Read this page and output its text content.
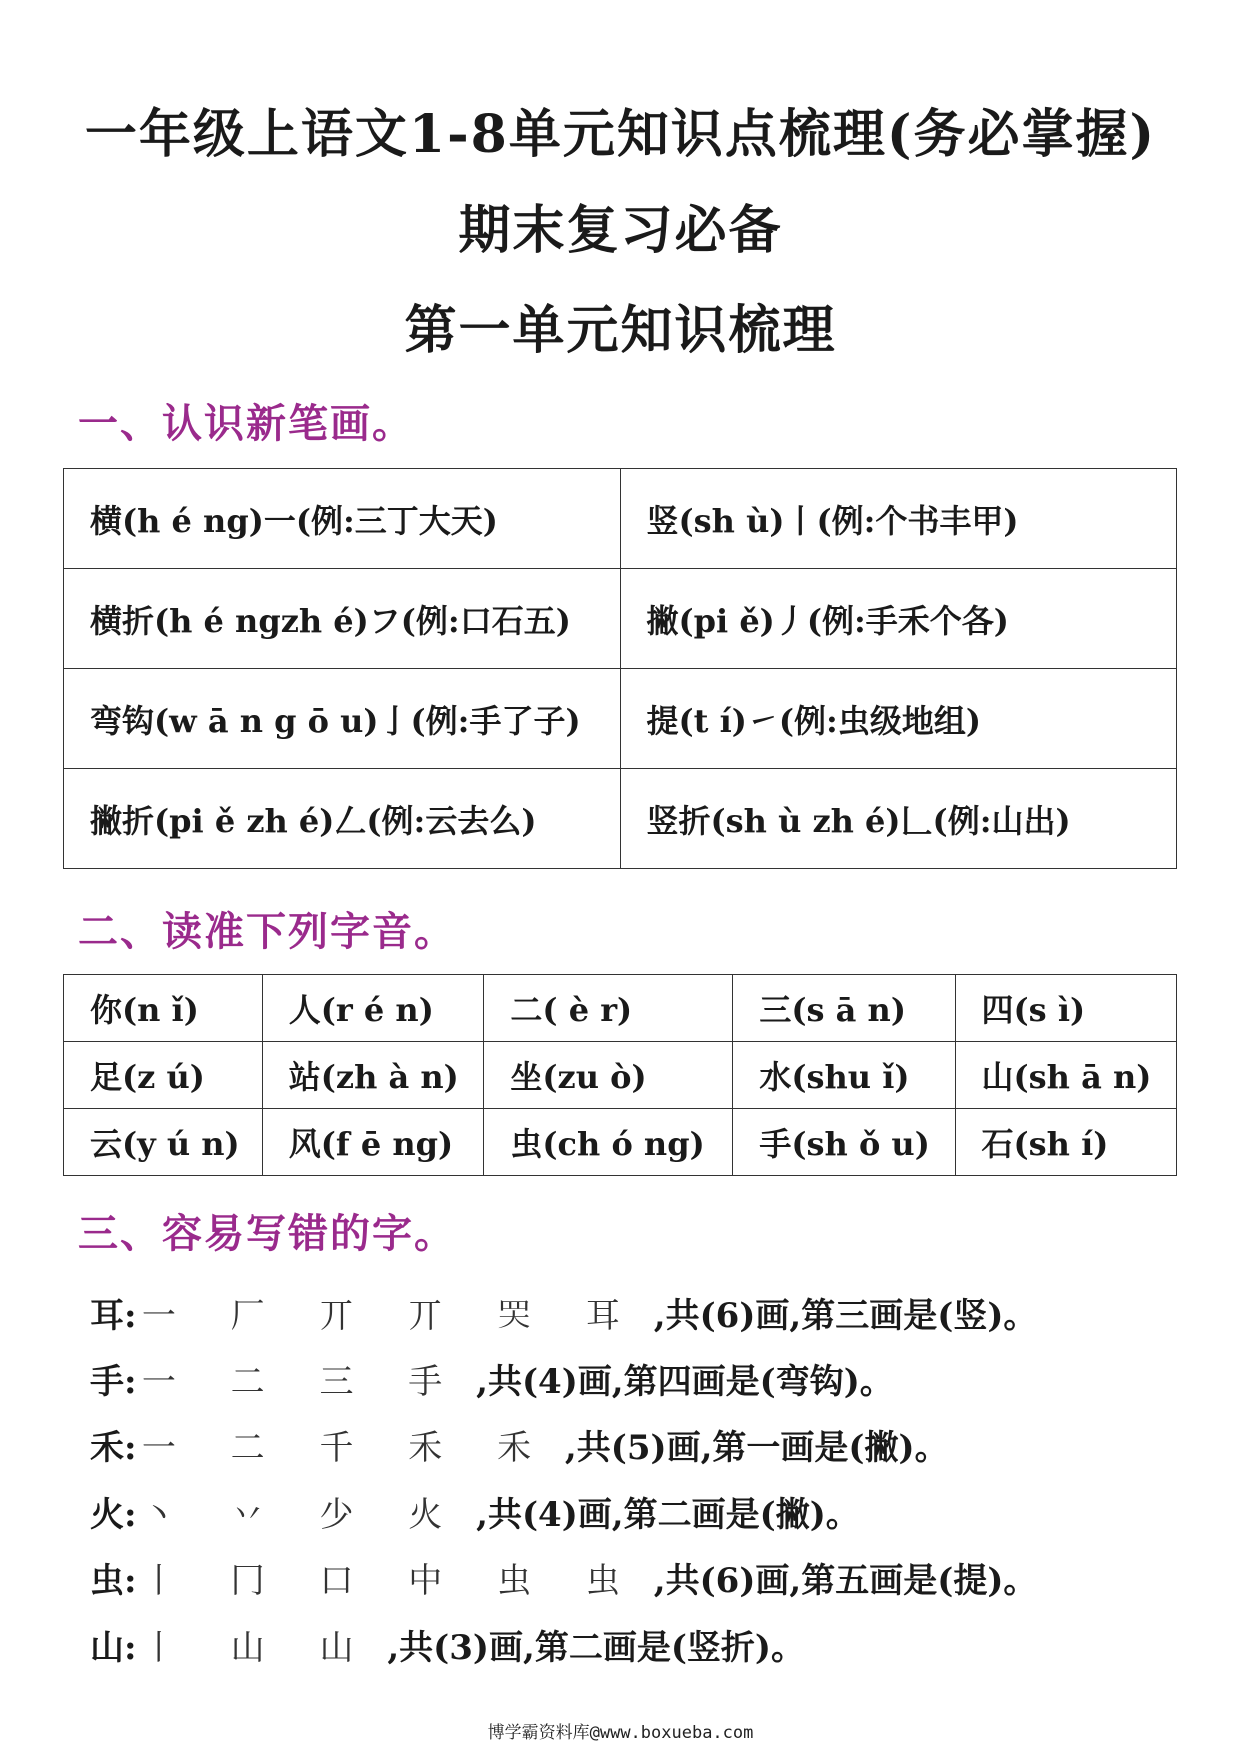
一年级上语文1-8单元知识点梳理(务必掌握)
期末复习必备
第一单元知识梳理
一、认识新笔画。
横(h é ng)一(例:三丁大天)	竖(sh ù)丨(例:个书丰甲)
横折(h é ngzh é)フ(例:口石五)	撇(pi ě)丿(例:手禾个各)
弯钩(w ā n g ō u)亅(例:手了子)	提(t í)㇀(例:虫级地组)
撇折(pi ě zh é)𠃋(例:云去么)	竖折(sh ù zh é)𠃊(例:山出)
二、读准下列字音。
你(n ǐ)	人(r é n)	二( è r)	三(s ā n)	四(s ì)
足(z ú)	站(zh à n)	坐(zu ò)	水(shu ǐ)	山(sh ā n)
云(y ú n)	风(f ē ng)	虫(ch ó ng)	手(sh ǒ u)	石(sh í)
三、容易写错的字。
耳: 一 厂 丌 丌 𦉼 耳 ,共(6)画,第三画是(竖)。
手: 一 二 三 手 ,共(4)画,第四画是(弯钩)。
禾: 一 二 千 禾 禾 ,共(5)画,第一画是(撇)。
火: 丶 丷 少 火 ,共(4)画,第二画是(撇)。
虫: 丨 冂 口 中 虫 虫 ,共(6)画,第五画是(提)。
山: 丨 山 山 ,共(3)画,第二画是(竖折)。
博学霸资料库@www.boxueba.com
